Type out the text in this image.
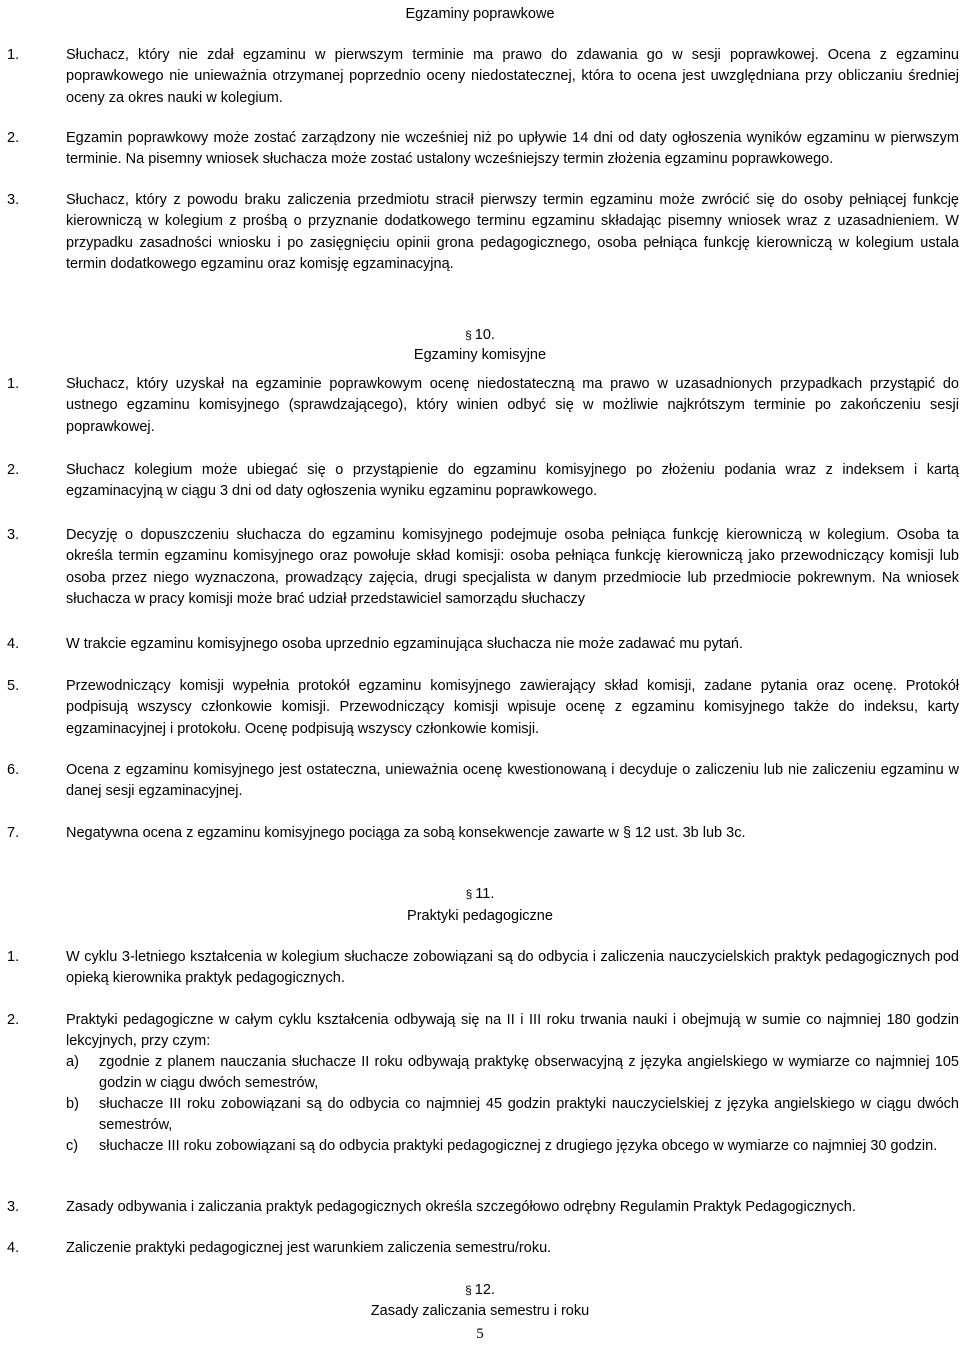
Egzaminy poprawkowe
1.	Słuchacz, który nie zdał egzaminu w pierwszym terminie ma prawo do zdawania go w sesji poprawkowej. Ocena z egzaminu poprawkowego nie unieważnia otrzymanej poprzednio oceny niedostatecznej, która to ocena jest uwzględniana przy obliczaniu średniej oceny za okres nauki w kolegium.
2.	Egzamin poprawkowy może zostać zarządzony nie wcześniej niż po upływie 14 dni od daty ogłoszenia wyników egzaminu w pierwszym terminie. Na pisemny wniosek słuchacza może zostać ustalony wcześniejszy termin złożenia egzaminu poprawkowego.
3.	Słuchacz, który z powodu braku zaliczenia przedmiotu stracił pierwszy termin egzaminu może zwrócić się do osoby pełniącej funkcję kierowniczą w kolegium z prośbą o przyznanie dodatkowego terminu egzaminu składając pisemny wniosek wraz z uzasadnieniem. W przypadku zasadności wniosku i po zasięgnięciu opinii grona pedagogicznego, osoba pełniąca funkcję kierowniczą w kolegium ustala termin dodatkowego egzaminu oraz komisję egzaminacyjną.
§ 10.
Egzaminy komisyjne
1.	Słuchacz, który uzyskał na egzaminie poprawkowym ocenę niedostateczną ma prawo w uzasadnionych przypadkach przystąpić do ustnego egzaminu komisyjnego (sprawdzającego), który winien odbyć się w możliwie najkrótszym terminie po zakończeniu sesji poprawkowej.
2.	Słuchacz kolegium może ubiegać się o przystąpienie do egzaminu komisyjnego po złożeniu podania wraz z indeksem i kartą egzaminacyjną w ciągu 3 dni od daty ogłoszenia wyniku egzaminu poprawkowego.
3.	Decyzję o dopuszczeniu słuchacza do egzaminu komisyjnego podejmuje osoba pełniąca funkcję kierowniczą w kolegium. Osoba ta określa termin egzaminu komisyjnego oraz powołuje skład komisji: osoba pełniąca funkcję kierowniczą jako przewodniczący komisji lub osoba przez niego wyznaczona, prowadzący zajęcia, drugi specjalista w danym przedmiocie lub przedmiocie pokrewnym. Na wniosek słuchacza w pracy komisji może brać udział przedstawiciel samorządu słuchaczy
4.	W trakcie egzaminu komisyjnego osoba uprzednio egzaminująca słuchacza nie może zadawać mu pytań.
5.	Przewodniczący komisji wypełnia protokół egzaminu komisyjnego zawierający skład komisji, zadane pytania oraz ocenę. Protokół podpisują wszyscy członkowie komisji. Przewodniczący komisji wpisuje ocenę z egzaminu komisyjnego także do indeksu, karty egzaminacyjnej i protokołu. Ocenę podpisują wszyscy członkowie komisji.
6.	Ocena z egzaminu komisyjnego jest ostateczna, unieważnia ocenę kwestionowaną i decyduje o zaliczeniu lub nie zaliczeniu egzaminu w danej sesji egzaminacyjnej.
7.	Negatywna ocena z egzaminu komisyjnego pociąga za sobą konsekwencje zawarte w § 12 ust. 3b lub 3c.
§ 11.
Praktyki pedagogiczne
1.	W cyklu 3-letniego kształcenia w kolegium słuchacze zobowiązani są do odbycia i zaliczenia nauczycielskich praktyk pedagogicznych pod opieką kierownika praktyk pedagogicznych.
2.	Praktyki pedagogiczne w całym cyklu kształcenia odbywają się na II i III roku trwania nauki i obejmują w sumie co najmniej 180 godzin lekcyjnych, przy czym:
a) zgodnie z planem nauczania słuchacze II roku odbywają praktykę obserwacyjną z języka angielskiego w wymiarze co najmniej 105 godzin w ciągu dwóch semestrów,
b) słuchacze III roku zobowiązani są do odbycia co najmniej 45 godzin praktyki nauczycielskiej z języka angielskiego w ciągu dwóch semestrów,
c) słuchacze III roku zobowiązani są do odbycia praktyki pedagogicznej z drugiego języka obcego w wymiarze co najmniej 30 godzin.
3.	Zasady odbywania i zaliczania praktyk pedagogicznych określa szczegółowo odrębny Regulamin Praktyk Pedagogicznych.
4.	Zaliczenie praktyki pedagogicznej jest warunkiem zaliczenia semestru/roku.
§ 12.
Zasady zaliczania semestru i roku
5
